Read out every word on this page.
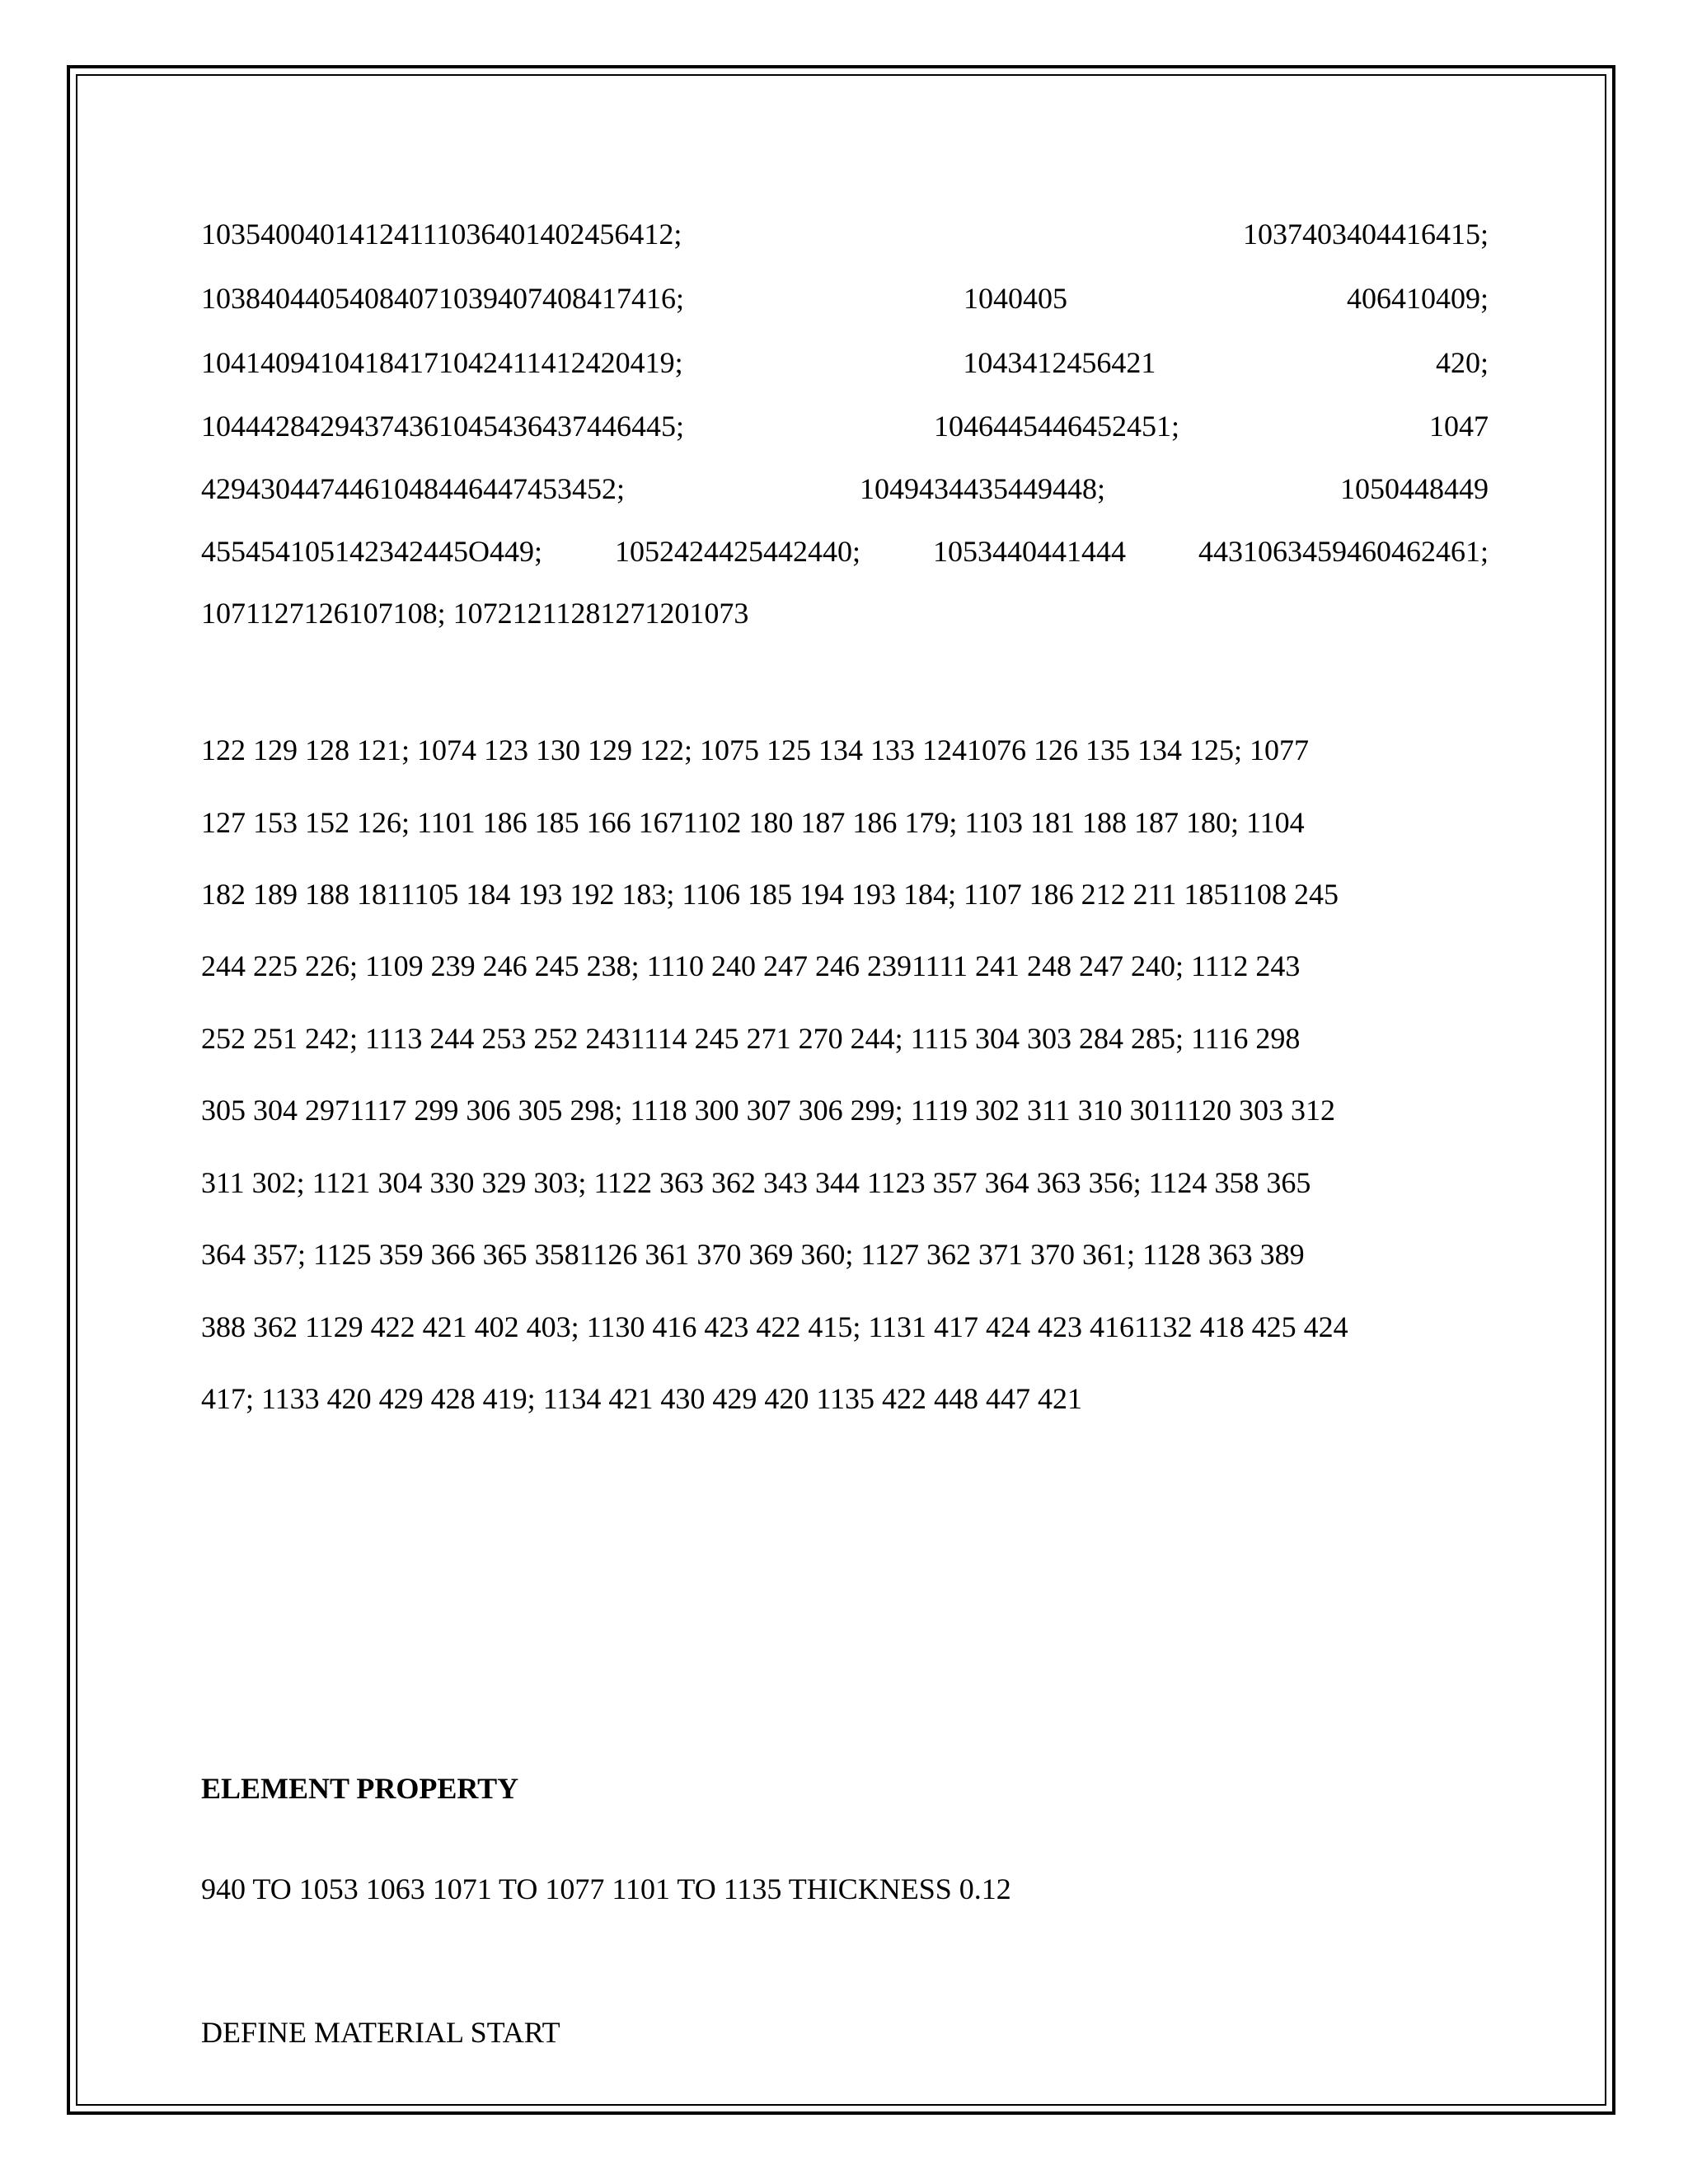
10354004014124111036401402456412;	1037403404416415;
10384044054084071039407408417416;	1040405	406410409;
10414094104184171042411412420419;	1043412456421	420;
10444284294374361045436437446445;	1046445446452451;	1047
4294304474461048446447453452;	1049434435449448;	1050448449
455454105142342445O449; 1052424425442440; 1053440441444 4431063459460462461;
1071127126107108; 10721211281271201073
122 129 128 121; 1074 123 130 129 122; 1075 125 134 133 1241076 126 135 134 125; 1077
127 153 152 126; 1101 186 185 166 1671102 180 187 186 179; 1103 181 188 187 180; 1104
182 189 188 1811105 184 193 192 183; 1106 185 194 193 184; 1107 186 212 211 1851108 245
244 225 226; 1109 239 246 245 238; 1110 240 247 246 2391111 241 248 247 240; 1112 243
252 251 242; 1113 244 253 252 2431114 245 271 270 244; 1115 304 303 284 285; 1116 298
305 304 2971117 299 306 305 298; 1118 300 307 306 299; 1119 302 311 310 3011120 303 312
311 302; 1121 304 330 329 303; 1122 363 362 343 344 1123 357 364 363 356; 1124 358 365
364 357; 1125 359 366 365 3581126 361 370 369 360; 1127 362 371 370 361; 1128 363 389
388 362 1129 422 421 402 403; 1130 416 423 422 415; 1131 417 424 423 4161132 418 425 424
417; 1133 420 429 428 419; 1134 421 430 429 420 1135 422 448 447 421
ELEMENT PROPERTY
940 TO 1053 1063 1071 TO 1077 1101 TO 1135 THICKNESS 0.12
DEFINE MATERIAL START
